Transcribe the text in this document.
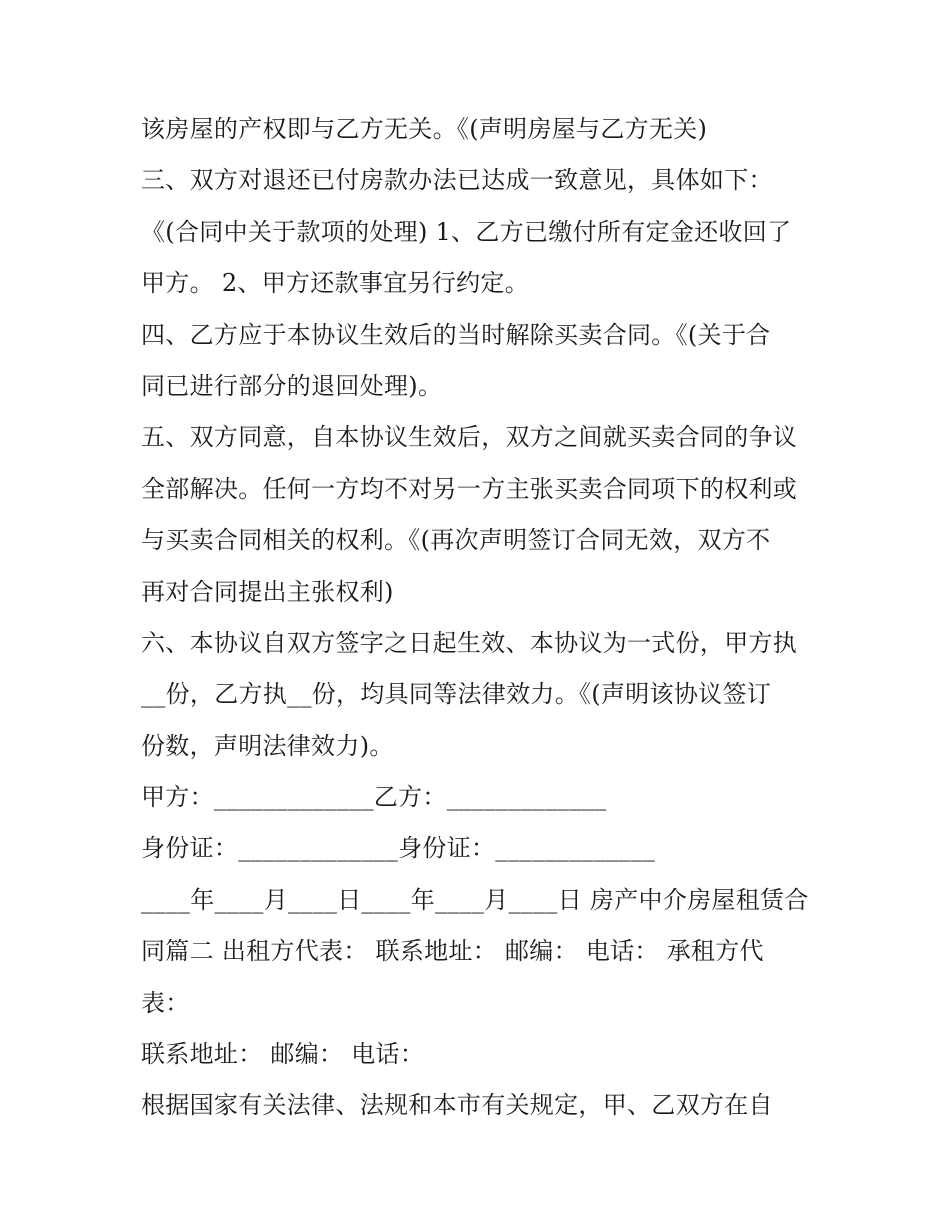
该房屋的产权即与乙方无关。《(声明房屋与乙方无关)
三、双方对退还已付房款办法已达成一致意见，具体如下：
《(合同中关于款项的处理) 1、乙方已缴付所有定金还收回了
甲方。 2、甲方还款事宜另行约定。
四、乙方应于本协议生效后的当时解除买卖合同。《(关于合
同已进行部分的退回处理)。
五、双方同意，自本协议生效后，双方之间就买卖合同的争议
全部解决。任何一方均不对另一方主张买卖合同项下的权利或
与买卖合同相关的权利。《(再次声明签订合同无效，双方不
再对合同提出主张权利)
六、本协议自双方签字之日起生效、本协议为一式份，甲方执
__份，乙方执__份，均具同等法律效力。《(声明该协议签订
份数，声明法律效力)。
甲方：_____________乙方：_____________
身份证：_____________身份证：_____________
____年____月____日____年____月____日 房产中介房屋租赁合
同篇二 出租方代表： 联系地址： 邮编： 电话： 承租方代
表：
联系地址： 邮编： 电话：
根据国家有关法律、法规和本市有关规定，甲、乙双方在自
